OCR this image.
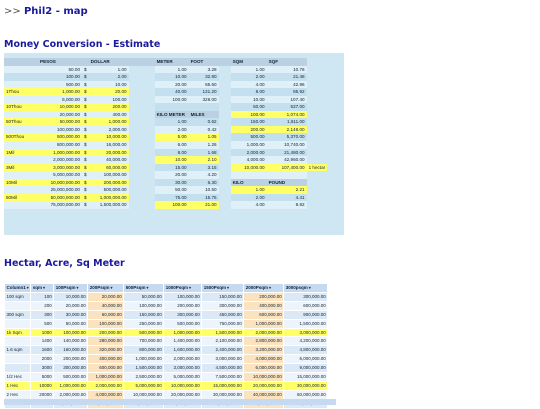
>> Phil2 - map
Money Conversion - Estimate
	PESOS		DOLLAR		METER	FOOT		SQM	SQF	
	50.00	$	1.00		1.00	3.28		1.00	10.76	
	100.00	$	2.00		10.00	32.80		2.00	21.48	
	500.00	$	10.00		20.00	65.60		4.00	42.96	
1Thou	1,000.00	$	20.00		40.00	131.20		8.00	85.92	
	5,000.00	$	100.00		100.00	328.00		10.00	107.40	
10Thou	10,000.00	$	200.00					50.00	537.00	
	20,000.00	$	400.00		KILO METER	MILES		100.00	1,074.00	
50Thou	50,000.00	$	1,000.00		1.00	0.62		150.00	1,611.00	
	100,000.00	$	2,000.00		2.00	0.42		200.00	2,148.00	
500Thou	500,000.00	$	10,000.00		5.00	1.05		500.00	5,370.00	
	800,000.00	$	16,000.00		6.00	1.26		1,000.00	10,740.00	
1Mil	1,000,000.00	$	20,000.00		8.00	1.68		2,000.00	21,480.00	
	2,000,000.00	$	40,000.00		10.00	2.10		4,000.00	42,960.00	
3Mil	3,000,000.00	$	60,000.00		15.00	3.15		10,000.00	107,400.00	1 hectar
	5,000,000.00	$	100,000.00		20.00	4.20				
10Mil	10,000,000.00	$	200,000.00		30.00	6.30		KILO	POUND	
	25,000,000.00	$	500,000.00		50.00	10.50		1.00	2.21	
50Mil	50,000,000.00	$	1,000,000.00		75.00	15.75		2.00	4.41	
	75,000,000.00	$	1,500,000.00		100.00	21.00		4.00	8.82	
Hectar, Acre, Sq Meter
Column1▾	sqm▾	100Psqm▾	200Psqm▾	500Psqm▾	1000Psqm▾	1500Psqm▾	2000Psqm▾	3000psqm▾
100 sqm	100	10,000.00	20,000.00	50,000.00	100,000.00	150,000.00	200,000.00	300,000.00
	200	20,000.00	40,000.00	100,000.00	200,000.00	300,000.00	400,000.00	600,000.00
300 sqm	300	30,000.00	60,000.00	150,000.00	300,000.00	450,000.00	600,000.00	900,000.00
	500	50,000.00	100,000.00	250,000.00	500,000.00	750,000.00	1,000,000.00	1,500,000.00
1k Sqm	1000	100,000.00	200,000.00	500,000.00	1,000,000.00	1,500,000.00	2,000,000.00	3,000,000.00
	1400	140,000.00	280,000.00	700,000.00	1,400,000.00	2,100,000.00	2,800,000.00	4,200,000.00
1.6 sqm	1600	160,000.00	320,000.00	800,000.00	1,600,000.00	2,400,000.00	3,200,000.00	4,800,000.00
	2000	200,000.00	400,000.00	1,000,000.00	2,000,000.00	3,000,000.00	4,000,000.00	6,000,000.00
	3000	300,000.00	600,000.00	1,500,000.00	3,000,000.00	4,500,000.00	6,000,000.00	9,000,000.00
1/2 Hec	5000	500,000.00	1,000,000.00	2,500,000.00	5,000,000.00	7,500,000.00	10,000,000.00	15,000,000.00
1 Hec	10000	1,000,000.00	2,000,000.00	5,000,000.00	10,000,000.00	15,000,000.00	20,000,000.00	30,000,000.00
2 Hec	20000	2,000,000.00	4,000,000.00	10,000,000.00	20,000,000.00	30,000,000.00	40,000,000.00	60,000,000.00
